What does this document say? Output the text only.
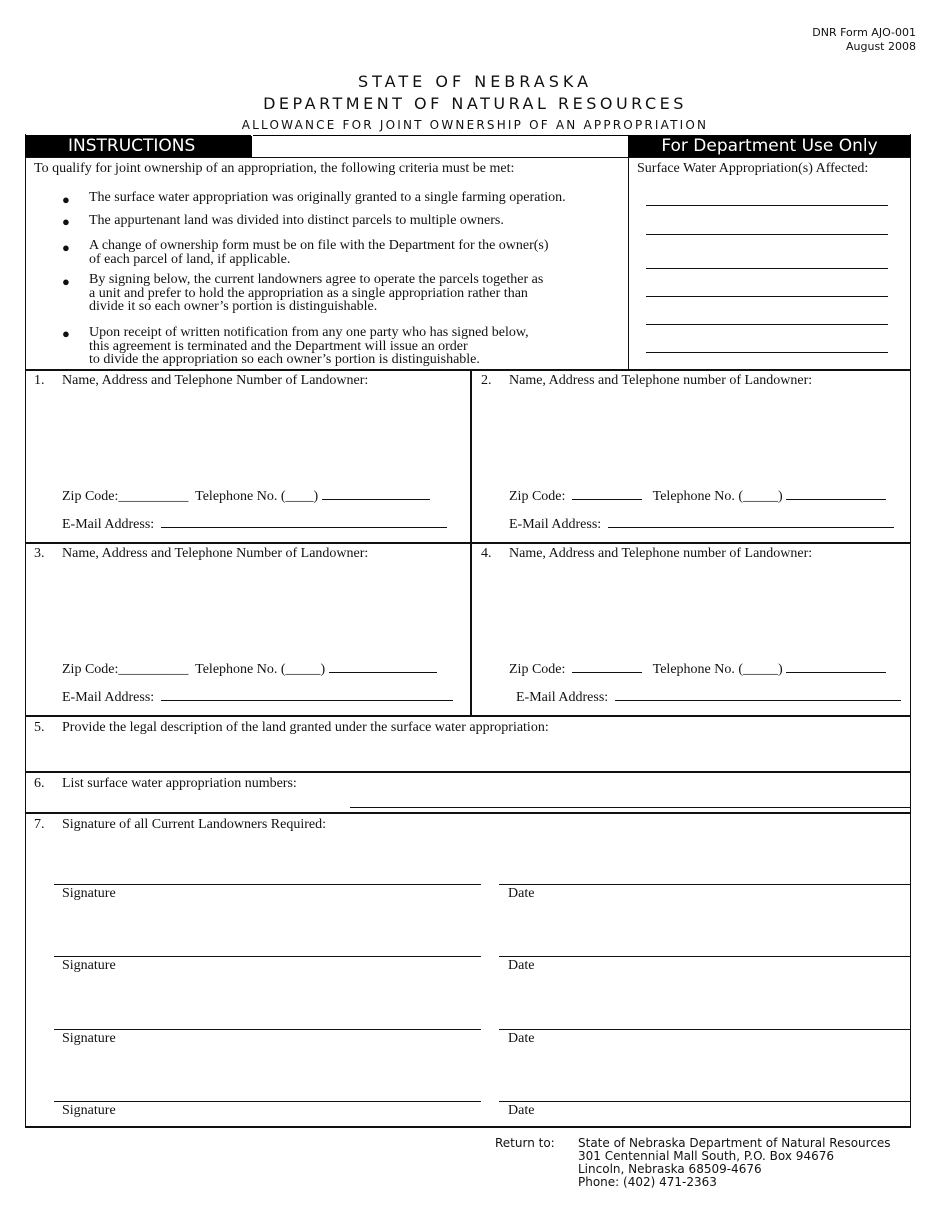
DNR Form AJO-001
August 2008
STATE OF NEBRASKA
DEPARTMENT OF NATURAL RESOURCES
ALLOWANCE FOR JOINT OWNERSHIP OF AN APPROPRIATION
INSTRUCTIONS	For Department Use Only
To qualify for joint ownership of an appropriation, the following criteria must be met:
● The surface water appropriation was originally granted to a single farming operation.
● The appurtenant land was divided into distinct parcels to multiple owners.
● A change of ownership form must be on file with the Department for the owner(s)
of each parcel of land, if applicable.
● By signing below, the current landowners agree to operate the parcels together as
a unit and prefer to hold the appropriation as a single appropriation rather than
divide it so each owner’s portion is distinguishable.
● Upon receipt of written notification from any one party who has signed below,
this agreement is terminated and the Department will issue an order
to divide the appropriation so each owner’s portion is distinguishable.
Surface Water Appropriation(s) Affected:
1. Name, Address and Telephone Number of Landowner:
Zip Code:__________ Telephone No. (____)
E-Mail Address:
2. Name, Address and Telephone number of Landowner:
Zip Code:	Telephone No. (_____)
E-Mail Address:
3. Name, Address and Telephone Number of Landowner:
Zip Code:__________ Telephone No. (_____)
E-Mail Address:
4. Name, Address and Telephone number of Landowner:
Zip Code:	Telephone No. (_____)
E-Mail Address:
5. Provide the legal description of the land granted under the surface water appropriation:
6. List surface water appropriation numbers:
7. Signature of all Current Landowners Required:
Signature	Date
Signature	Date
Signature	Date
Signature	Date
Return to: State of Nebraska Department of Natural Resources
301 Centennial Mall South, P.O. Box 94676
Lincoln, Nebraska 68509-4676
Phone: (402) 471-2363
